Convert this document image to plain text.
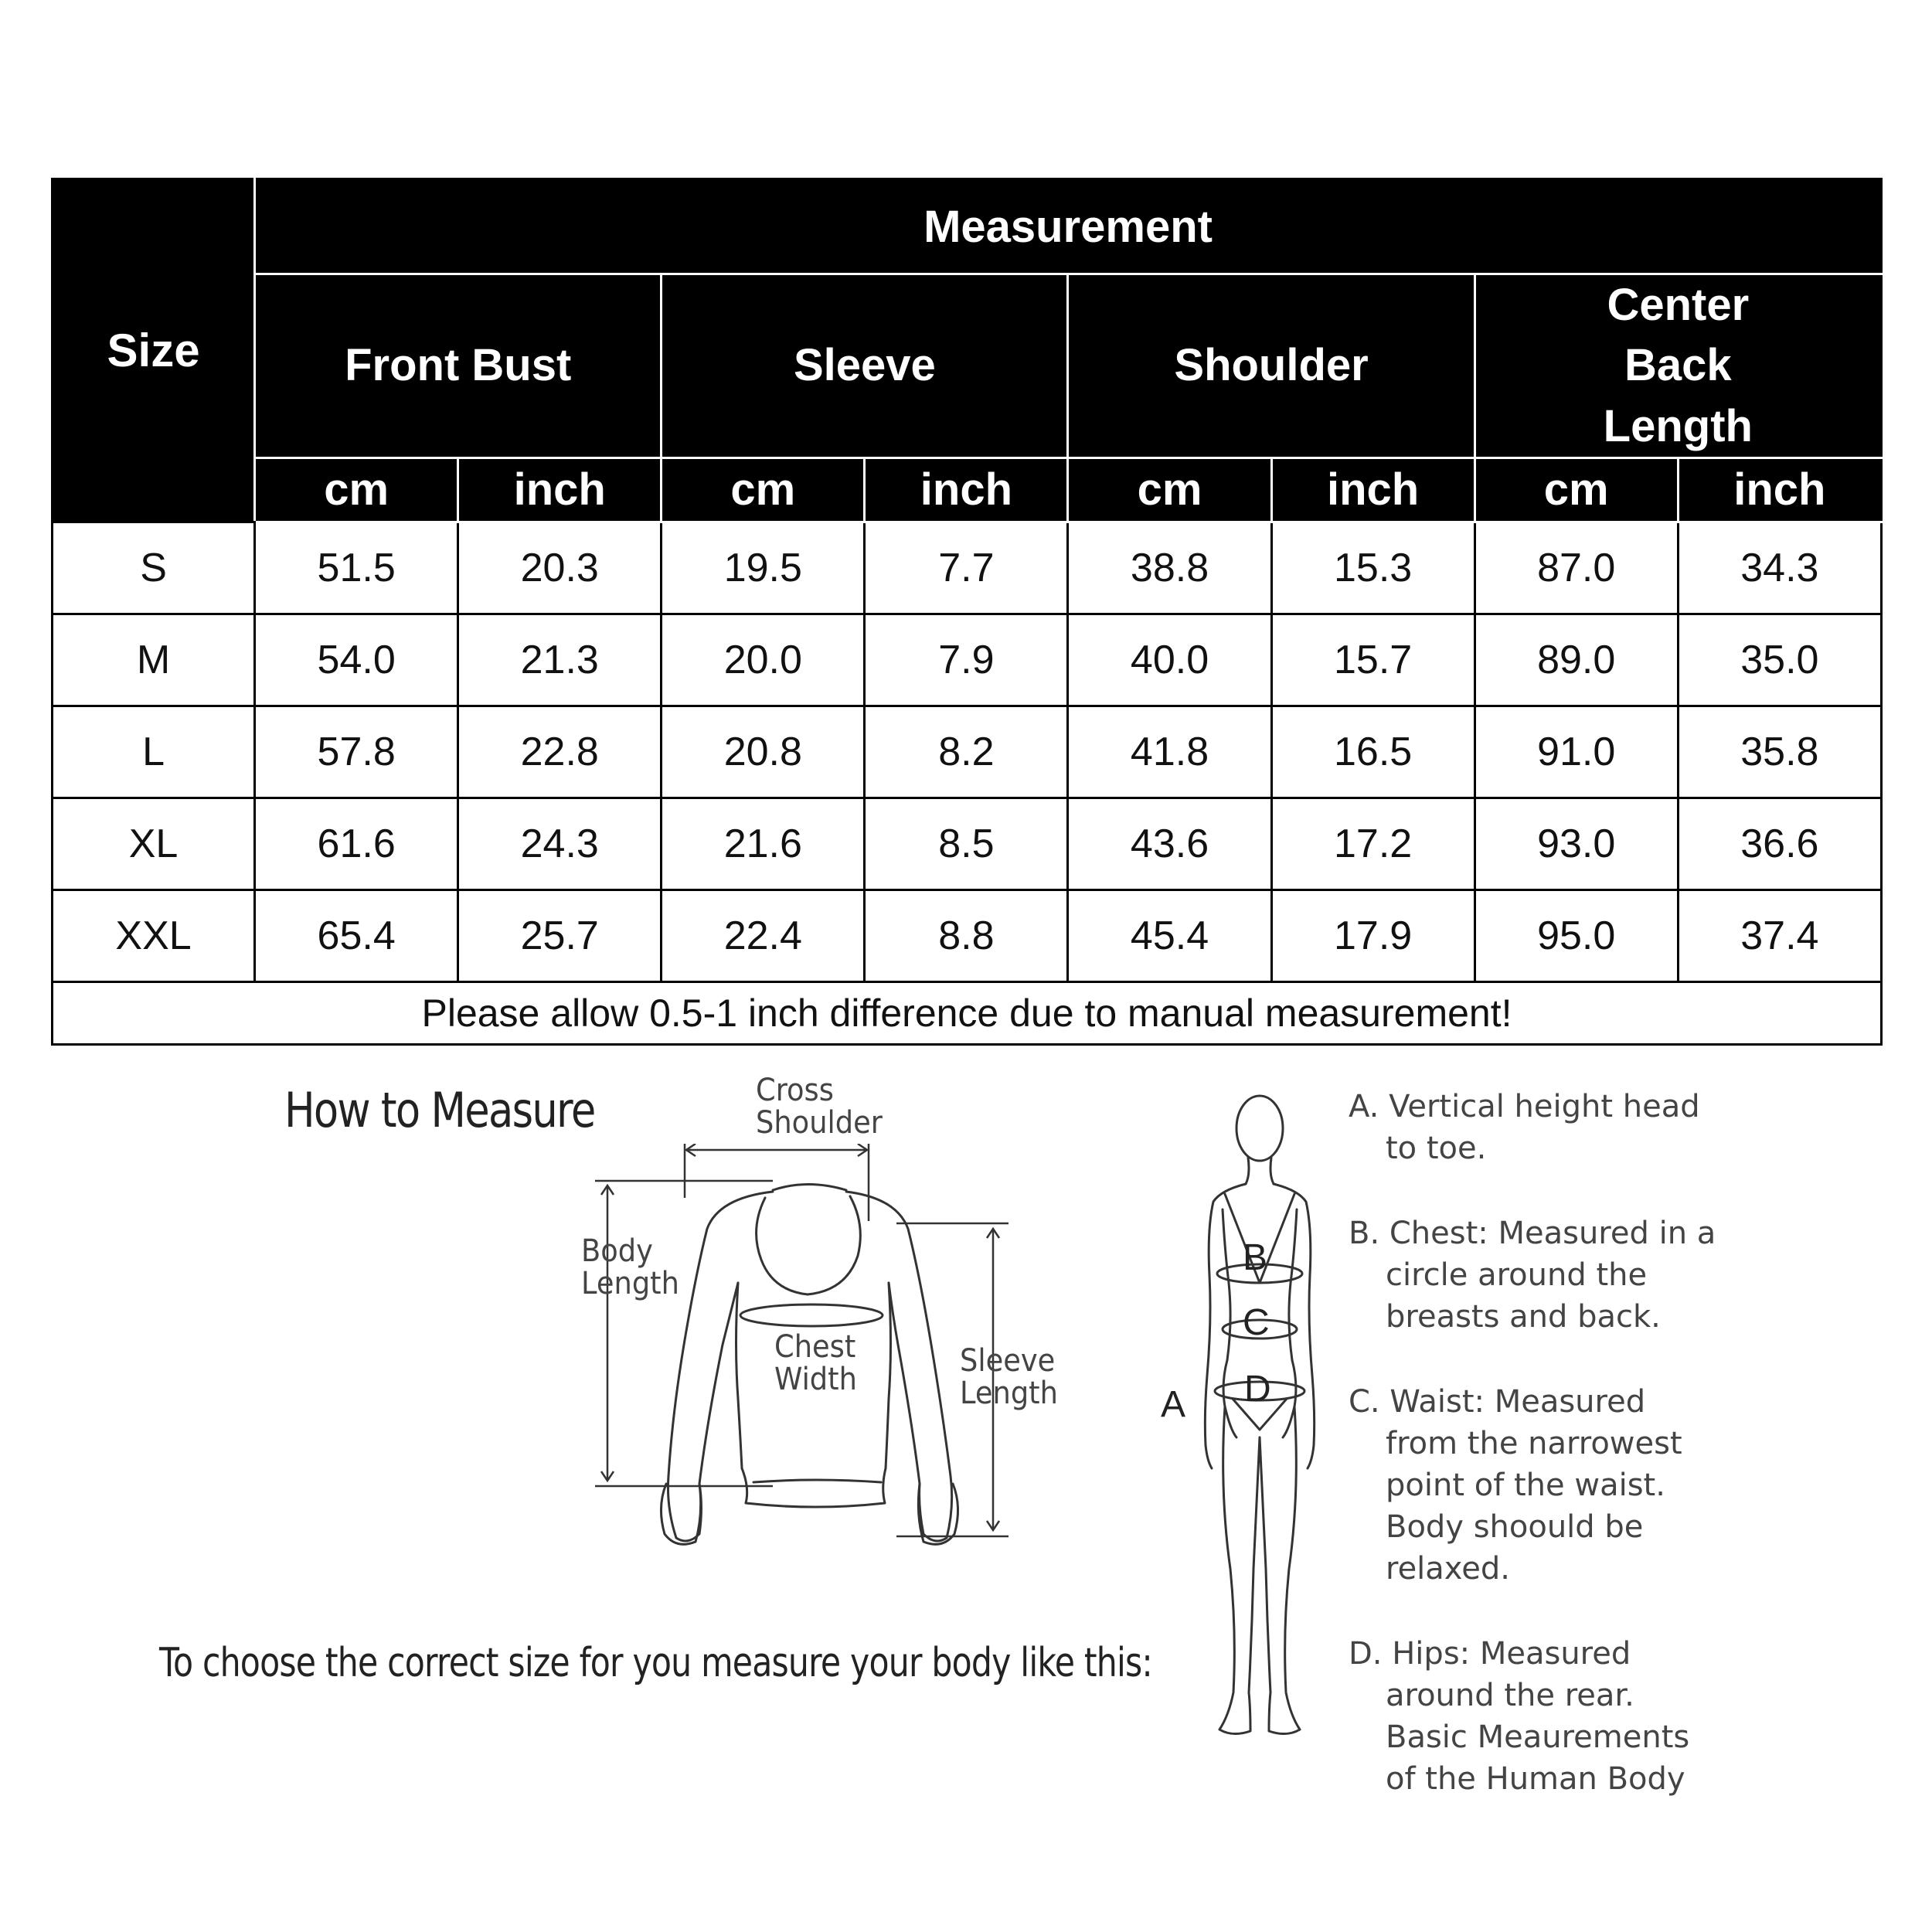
Size	Measurement							
	Front Bust		Sleeve		Shoulder		Center Back Length	
	cm	inch	cm	inch	cm	inch	cm	inch
S	51.5	20.3	19.5	7.7	38.8	15.3	87.0	34.3
M	54.0	21.3	20.0	7.9	40.0	15.7	89.0	35.0
L	57.8	22.8	20.8	8.2	41.8	16.5	91.0	35.8
XL	61.6	24.3	21.6	8.5	43.6	17.2	93.0	36.6
XXL	65.4	25.7	22.4	8.8	45.4	17.9	95.0	37.4
Please allow 0.5-1 inch difference due to manual measurement!								
How to Measure	Cross
Shoulder
Body
Length
Chest
Width
Sleeve
Length
To choose the correct size for you measure your body like this:
B
C
D
A
A. Vertical height head
to toe.
B. Chest: Measured in a
circle around the
breasts and back.
C. Waist: Measured
from the narrowest
point of the waist.
Body shoould be
relaxed.
D. Hips: Measured
around the rear.
Basic Meaurements
of the Human Body
